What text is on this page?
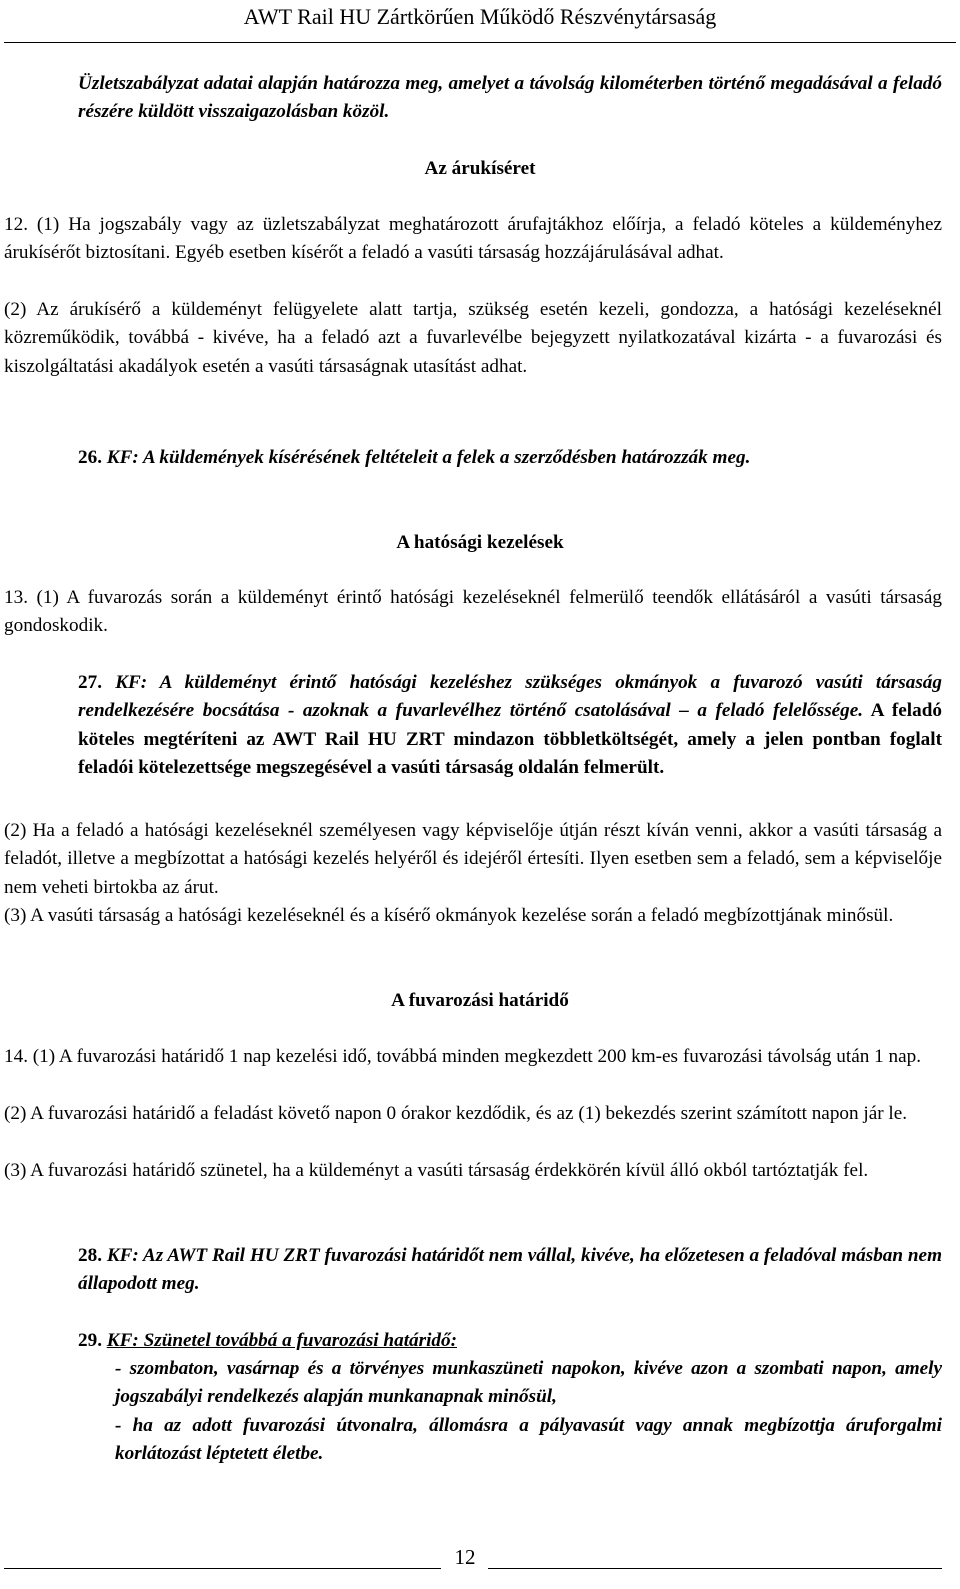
AWT Rail HU Zártkörűen Működő Részvénytársaság
Üzletszabályzat adatai alapján határozza meg, amelyet a távolság kilométerben történő megadásával a feladó részére küldött visszaigazolásban közöl.
Az árukíséret
12. (1) Ha jogszabály vagy az üzletszabályzat meghatározott árufajtákhoz előírja, a feladó köteles a küldeményhez árukísérőt biztosítani. Egyéb esetben kísérőt a feladó a vasúti társaság hozzájárulásával adhat.
(2) Az árukísérő a küldeményt felügyelete alatt tartja, szükség esetén kezeli, gondozza, a hatósági kezeléseknél közreműködik, továbbá - kivéve, ha a feladó azt a fuvarlevélbe bejegyzett nyilatkozatával kizárta - a fuvarozási és kiszolgáltatási akadályok esetén a vasúti társaságnak utasítást adhat.
26. KF: A küldemények kísérésének feltételeit a felek a szerződésben határozzák meg.
A hatósági kezelések
13. (1) A fuvarozás során a küldeményt érintő hatósági kezeléseknél felmerülő teendők ellátásáról a vasúti társaság gondoskodik.
27. KF: A küldeményt érintő hatósági kezeléshez szükséges okmányok a fuvarozó vasúti társaság rendelkezésére bocsátása - azoknak a fuvarlevélhez történő csatolásával – a feladó felelőssége. A feladó köteles megtéríteni az AWT Rail HU ZRT mindazon többletköltségét, amely a jelen pontban foglalt feladói kötelezettsége megszegésével a vasúti társaság oldalán felmerült.
(2) Ha a feladó a hatósági kezeléseknél személyesen vagy képviselője útján részt kíván venni, akkor a vasúti társaság a feladót, illetve a megbízottat a hatósági kezelés helyéről és idejéről értesíti. Ilyen esetben sem a feladó, sem a képviselője nem veheti birtokba az árut.
(3) A vasúti társaság a hatósági kezeléseknél és a kísérő okmányok kezelése során a feladó megbízottjának minősül.
A fuvarozási határidő
14. (1) A fuvarozási határidő 1 nap kezelési idő, továbbá minden megkezdett 200 km-es fuvarozási távolság után 1 nap.
(2) A fuvarozási határidő a feladást követő napon 0 órakor kezdődik, és az (1) bekezdés szerint számított napon jár le.
(3) A fuvarozási határidő szünetel, ha a küldeményt a vasúti társaság érdekkörén kívül álló okból tartóztatják fel.
28. KF: Az AWT Rail HU ZRT fuvarozási határidőt nem vállal, kivéve, ha előzetesen a feladóval másban nem állapodott meg.
29. KF: Szünetel továbbá a fuvarozási határidő:
- szombaton, vasárnap és a törvényes munkaszüneti napokon, kivéve azon a szombati napon, amely jogszabályi rendelkezés alapján munkanapnak minősül,
- ha az adott fuvarozási útvonalra, állomásra a pályavasút vagy annak megbízottja áruforgalmi korlátozást léptetett életbe.
12
